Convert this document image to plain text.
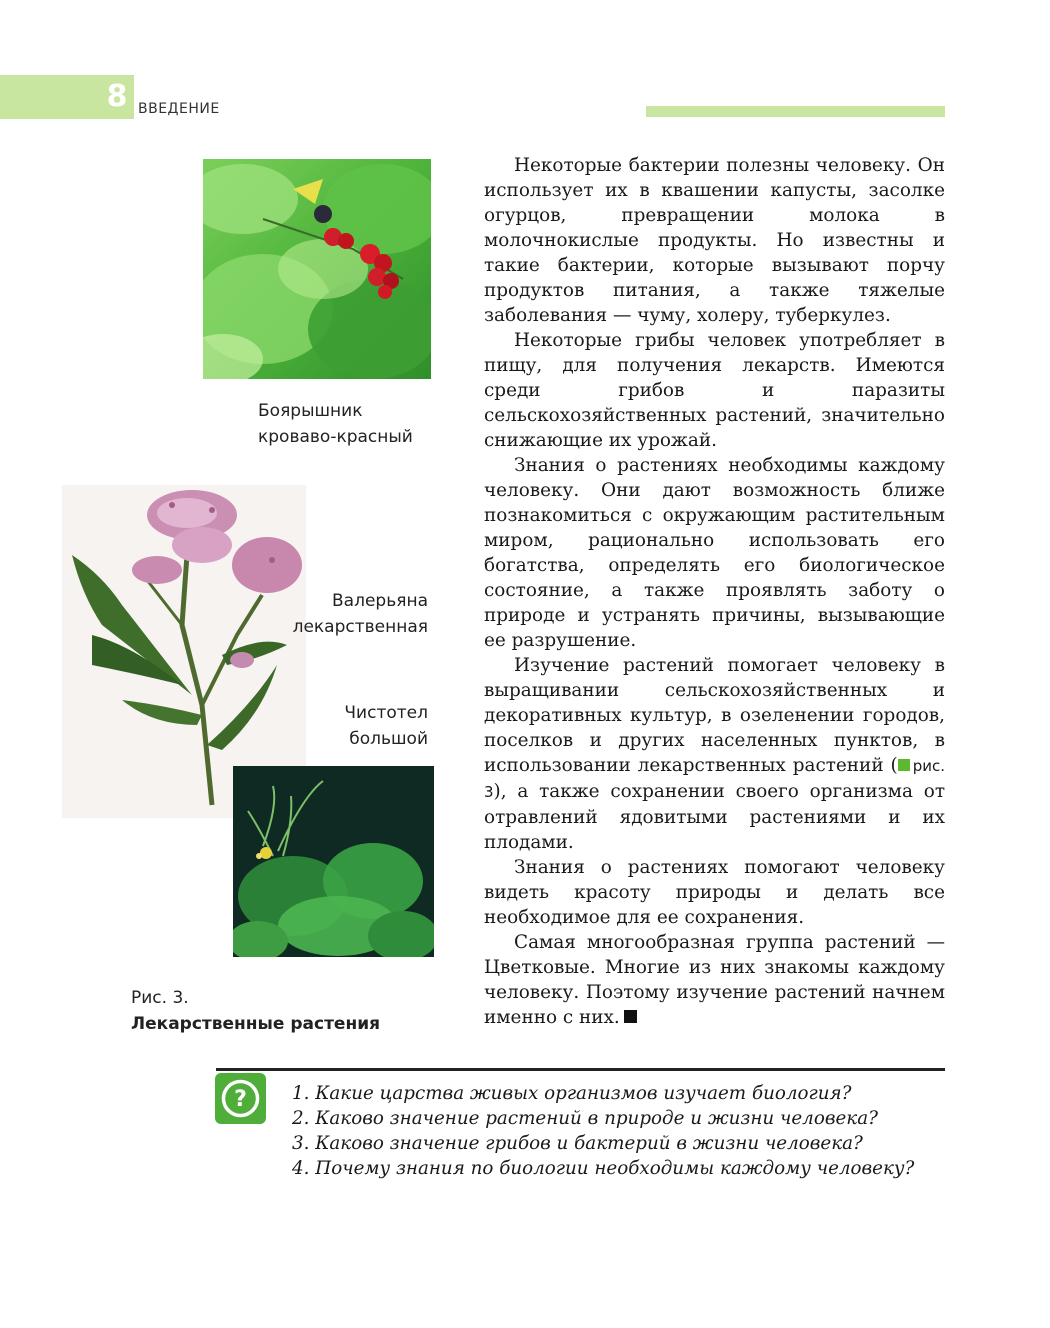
8 ВВЕДЕНИЕ
Боярышник
кроваво-красный
Валерьяна
лекарственная
Чистотел
большой
Рис. 3.
Лекарственные растения

Некоторые бактерии полезны человеку. Он использует их в квашении капусты, засолке огурцов, превращении молока в молочнокислые продукты. Но известны и такие бактерии, которые вызывают порчу продуктов питания, а также тяжелые заболевания — чуму, холеру, туберкулез.

Некоторые грибы человек употребляет в пищу, для получения лекарств. Имеются среди грибов и паразиты сельскохозяйственных растений, значительно снижающие их урожай.

Знания о растениях необходимы каждому человеку. Они дают возможность ближе познакомиться с окружающим растительным миром, рационально использовать его богатства, определять его биологическое состояние, а также проявлять заботу о природе и устранять причины, вызывающие ее разрушение.

Изучение растений помогает человеку в выращивании сельскохозяйственных и декоративных культур, в озеленении городов, поселков и других населенных пунктов, в использовании лекарственных растений ( рис. 3), а также сохранении своего организма от отравлений ядовитыми растениями и их плодами.

Знания о растениях помогают человеку видеть красоту природы и делать все необходимое для ее сохранения.

Самая многообразная группа растений — Цветковые. Многие из них знакомы каждому человеку. Поэтому изучение растений начнем именно с них.

? 1. Какие царства живых организмов изучает биология?
2. Каково значение растений в природе и жизни человека?
3. Каково значение грибов и бактерий в жизни человека?
4. Почему знания по биологии необходимы каждому человеку?
